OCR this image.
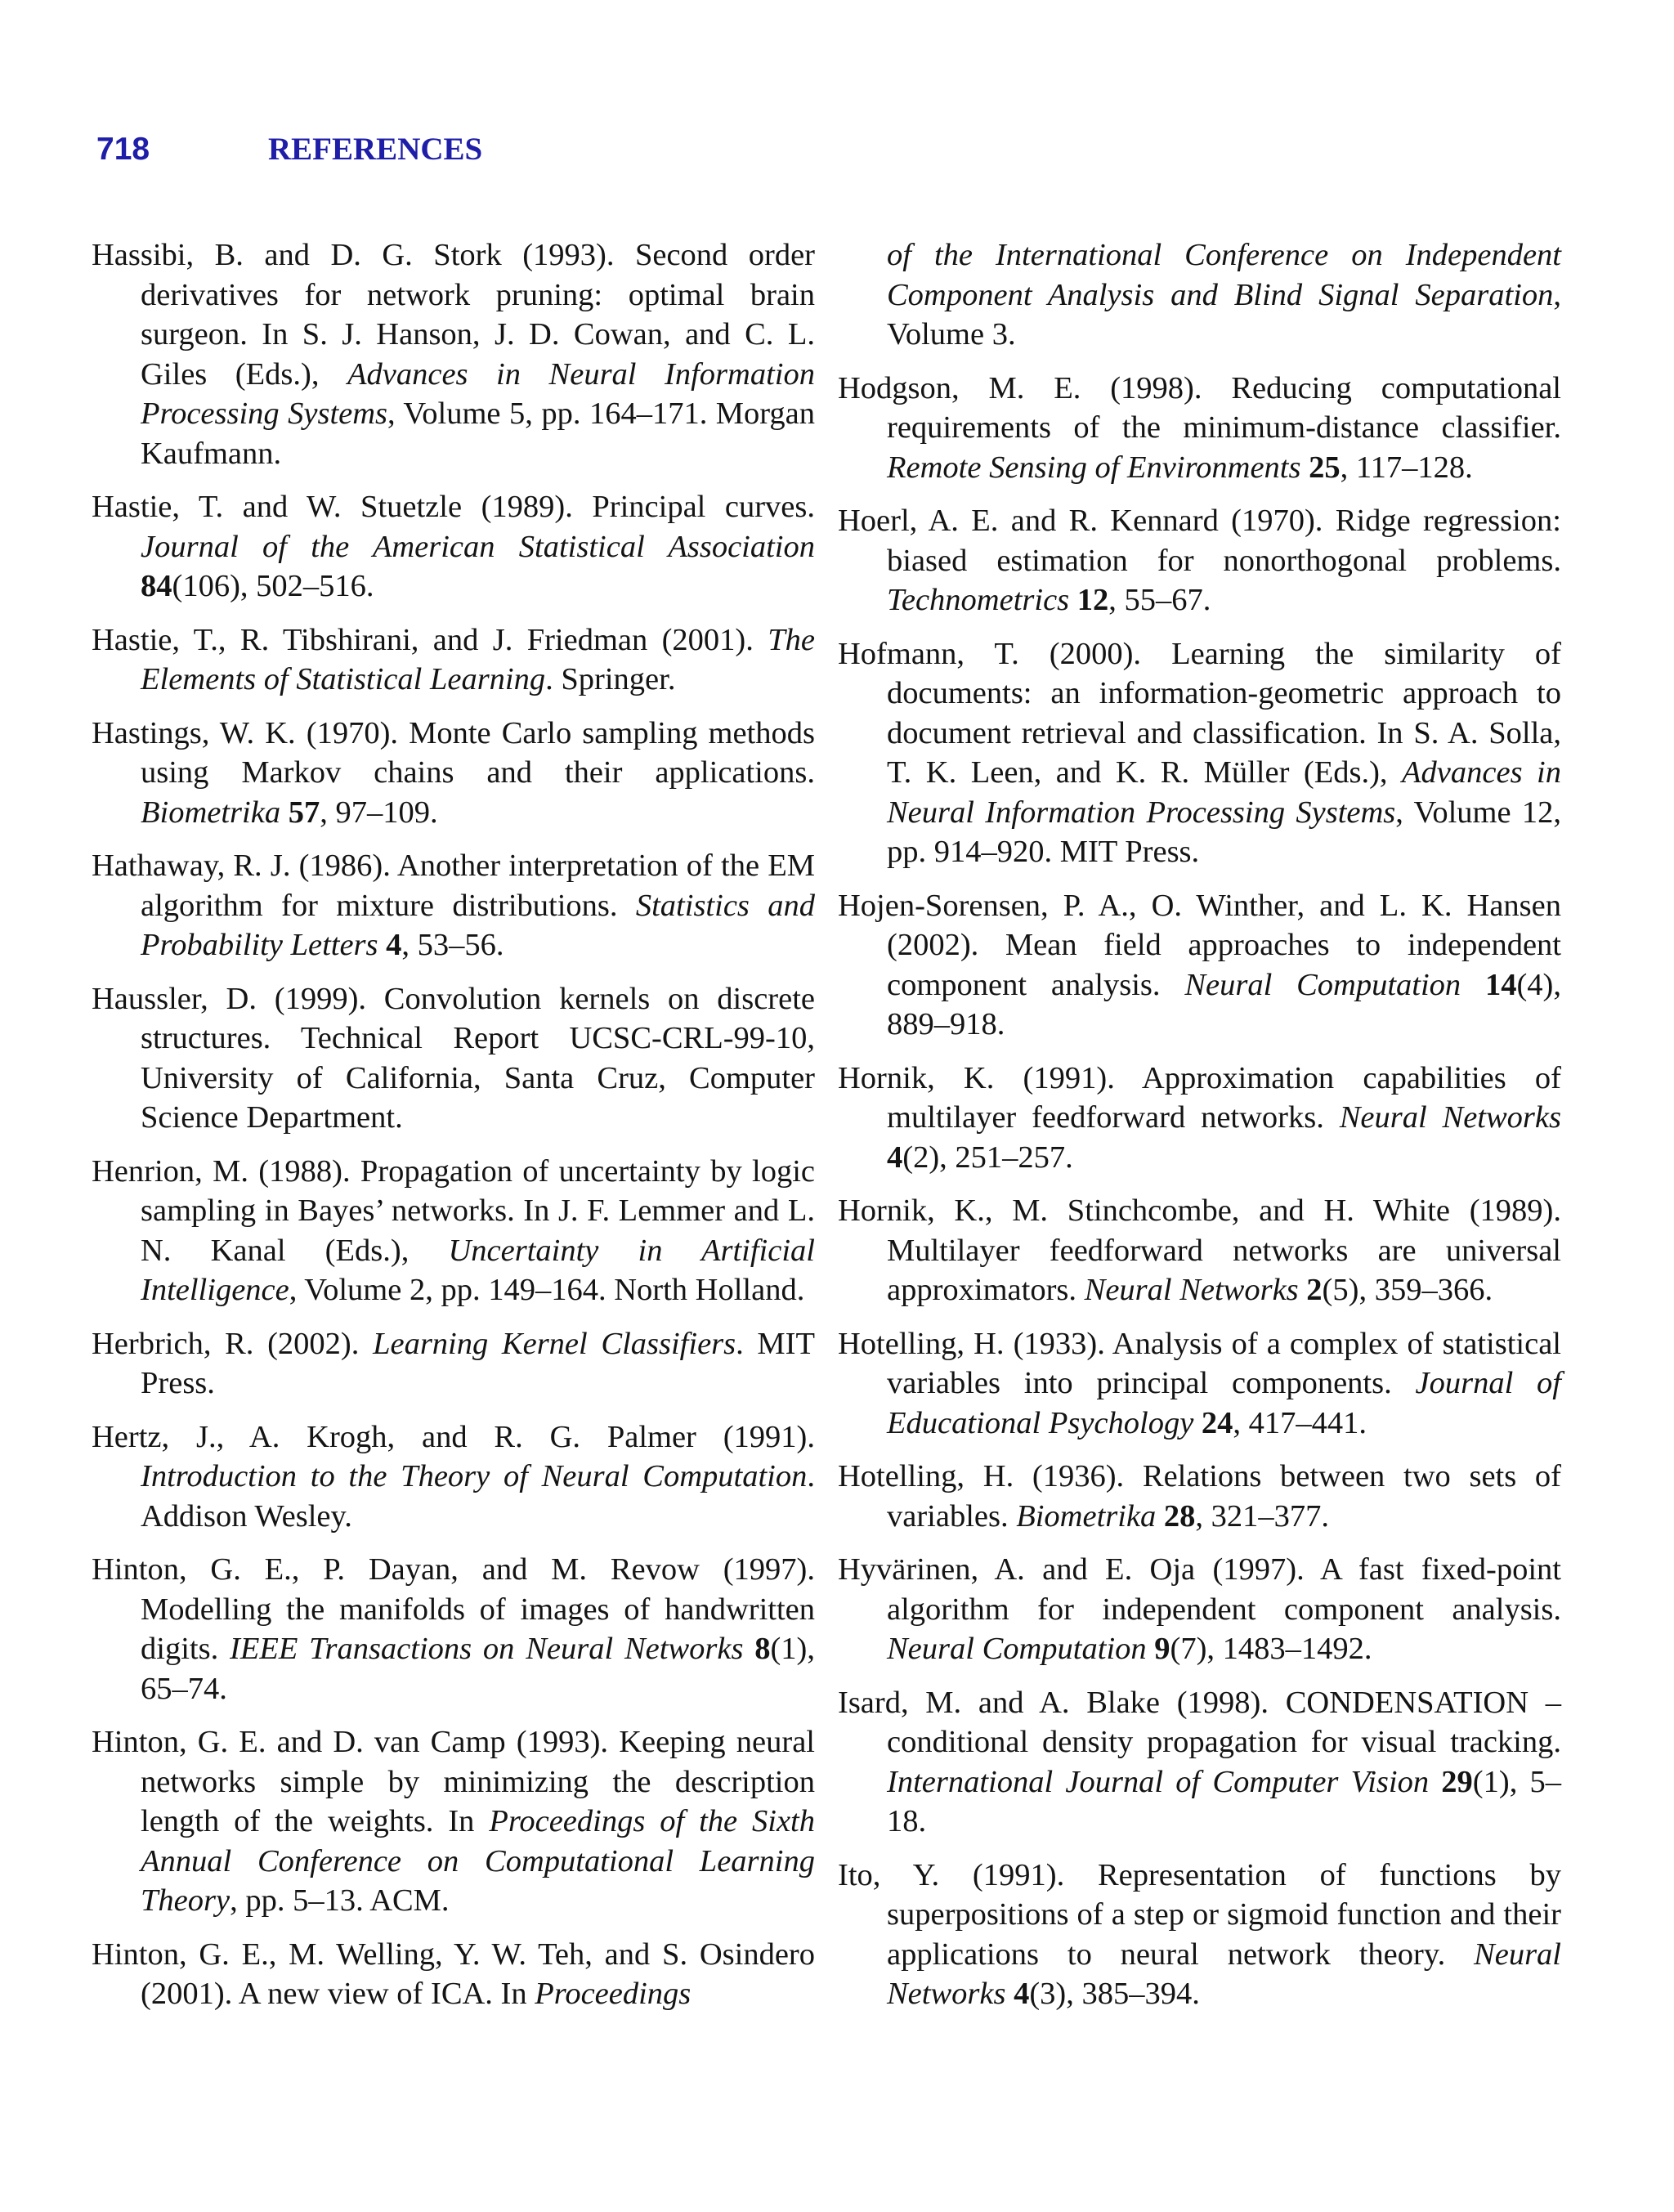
718	REFERENCES

Hassibi, B. and D. G. Stork (1993). Second order derivatives for network pruning: optimal brain surgeon. In S. J. Hanson, J. D. Cowan, and C. L. Giles (Eds.), Advances in Neural Information Processing Systems, Volume 5, pp. 164–171. Morgan Kaufmann.

Hastie, T. and W. Stuetzle (1989). Principal curves. Journal of the American Statistical Association 84(106), 502–516.

Hastie, T., R. Tibshirani, and J. Friedman (2001). The Elements of Statistical Learning. Springer.

Hastings, W. K. (1970). Monte Carlo sampling methods using Markov chains and their applications. Biometrika 57, 97–109.

Hathaway, R. J. (1986). Another interpretation of the EM algorithm for mixture distributions. Statistics and Probability Letters 4, 53–56.

Haussler, D. (1999). Convolution kernels on discrete structures. Technical Report UCSC-CRL-99-10, University of California, Santa Cruz, Computer Science Department.

Henrion, M. (1988). Propagation of uncertainty by logic sampling in Bayes’ networks. In J. F. Lemmer and L. N. Kanal (Eds.), Uncertainty in Artificial Intelligence, Volume 2, pp. 149–164. North Holland.

Herbrich, R. (2002). Learning Kernel Classifiers. MIT Press.

Hertz, J., A. Krogh, and R. G. Palmer (1991). Introduction to the Theory of Neural Computation. Addison Wesley.

Hinton, G. E., P. Dayan, and M. Revow (1997). Modelling the manifolds of images of handwritten digits. IEEE Transactions on Neural Networks 8(1), 65–74.

Hinton, G. E. and D. van Camp (1993). Keeping neural networks simple by minimizing the description length of the weights. In Proceedings of the Sixth Annual Conference on Computational Learning Theory, pp. 5–13. ACM.

Hinton, G. E., M. Welling, Y. W. Teh, and S. Osindero (2001). A new view of ICA. In Proceedings

of the International Conference on Independent Component Analysis and Blind Signal Separation, Volume 3.

Hodgson, M. E. (1998). Reducing computational requirements of the minimum-distance classifier. Remote Sensing of Environments 25, 117–128.

Hoerl, A. E. and R. Kennard (1970). Ridge regression: biased estimation for nonorthogonal problems. Technometrics 12, 55–67.

Hofmann, T. (2000). Learning the similarity of documents: an information-geometric approach to document retrieval and classification. In S. A. Solla, T. K. Leen, and K. R. Müller (Eds.), Advances in Neural Information Processing Systems, Volume 12, pp. 914–920. MIT Press.

Hojen-Sorensen, P. A., O. Winther, and L. K. Hansen (2002). Mean field approaches to independent component analysis. Neural Computation 14(4), 889–918.

Hornik, K. (1991). Approximation capabilities of multilayer feedforward networks. Neural Networks 4(2), 251–257.

Hornik, K., M. Stinchcombe, and H. White (1989). Multilayer feedforward networks are universal approximators. Neural Networks 2(5), 359–366.

Hotelling, H. (1933). Analysis of a complex of statistical variables into principal components. Journal of Educational Psychology 24, 417–441.

Hotelling, H. (1936). Relations between two sets of variables. Biometrika 28, 321–377.

Hyvärinen, A. and E. Oja (1997). A fast fixed-point algorithm for independent component analysis. Neural Computation 9(7), 1483–1492.

Isard, M. and A. Blake (1998). CONDENSATION – conditional density propagation for visual tracking. International Journal of Computer Vision 29(1), 5–18.

Ito, Y. (1991). Representation of functions by superpositions of a step or sigmoid function and their applications to neural network theory. Neural Networks 4(3), 385–394.
